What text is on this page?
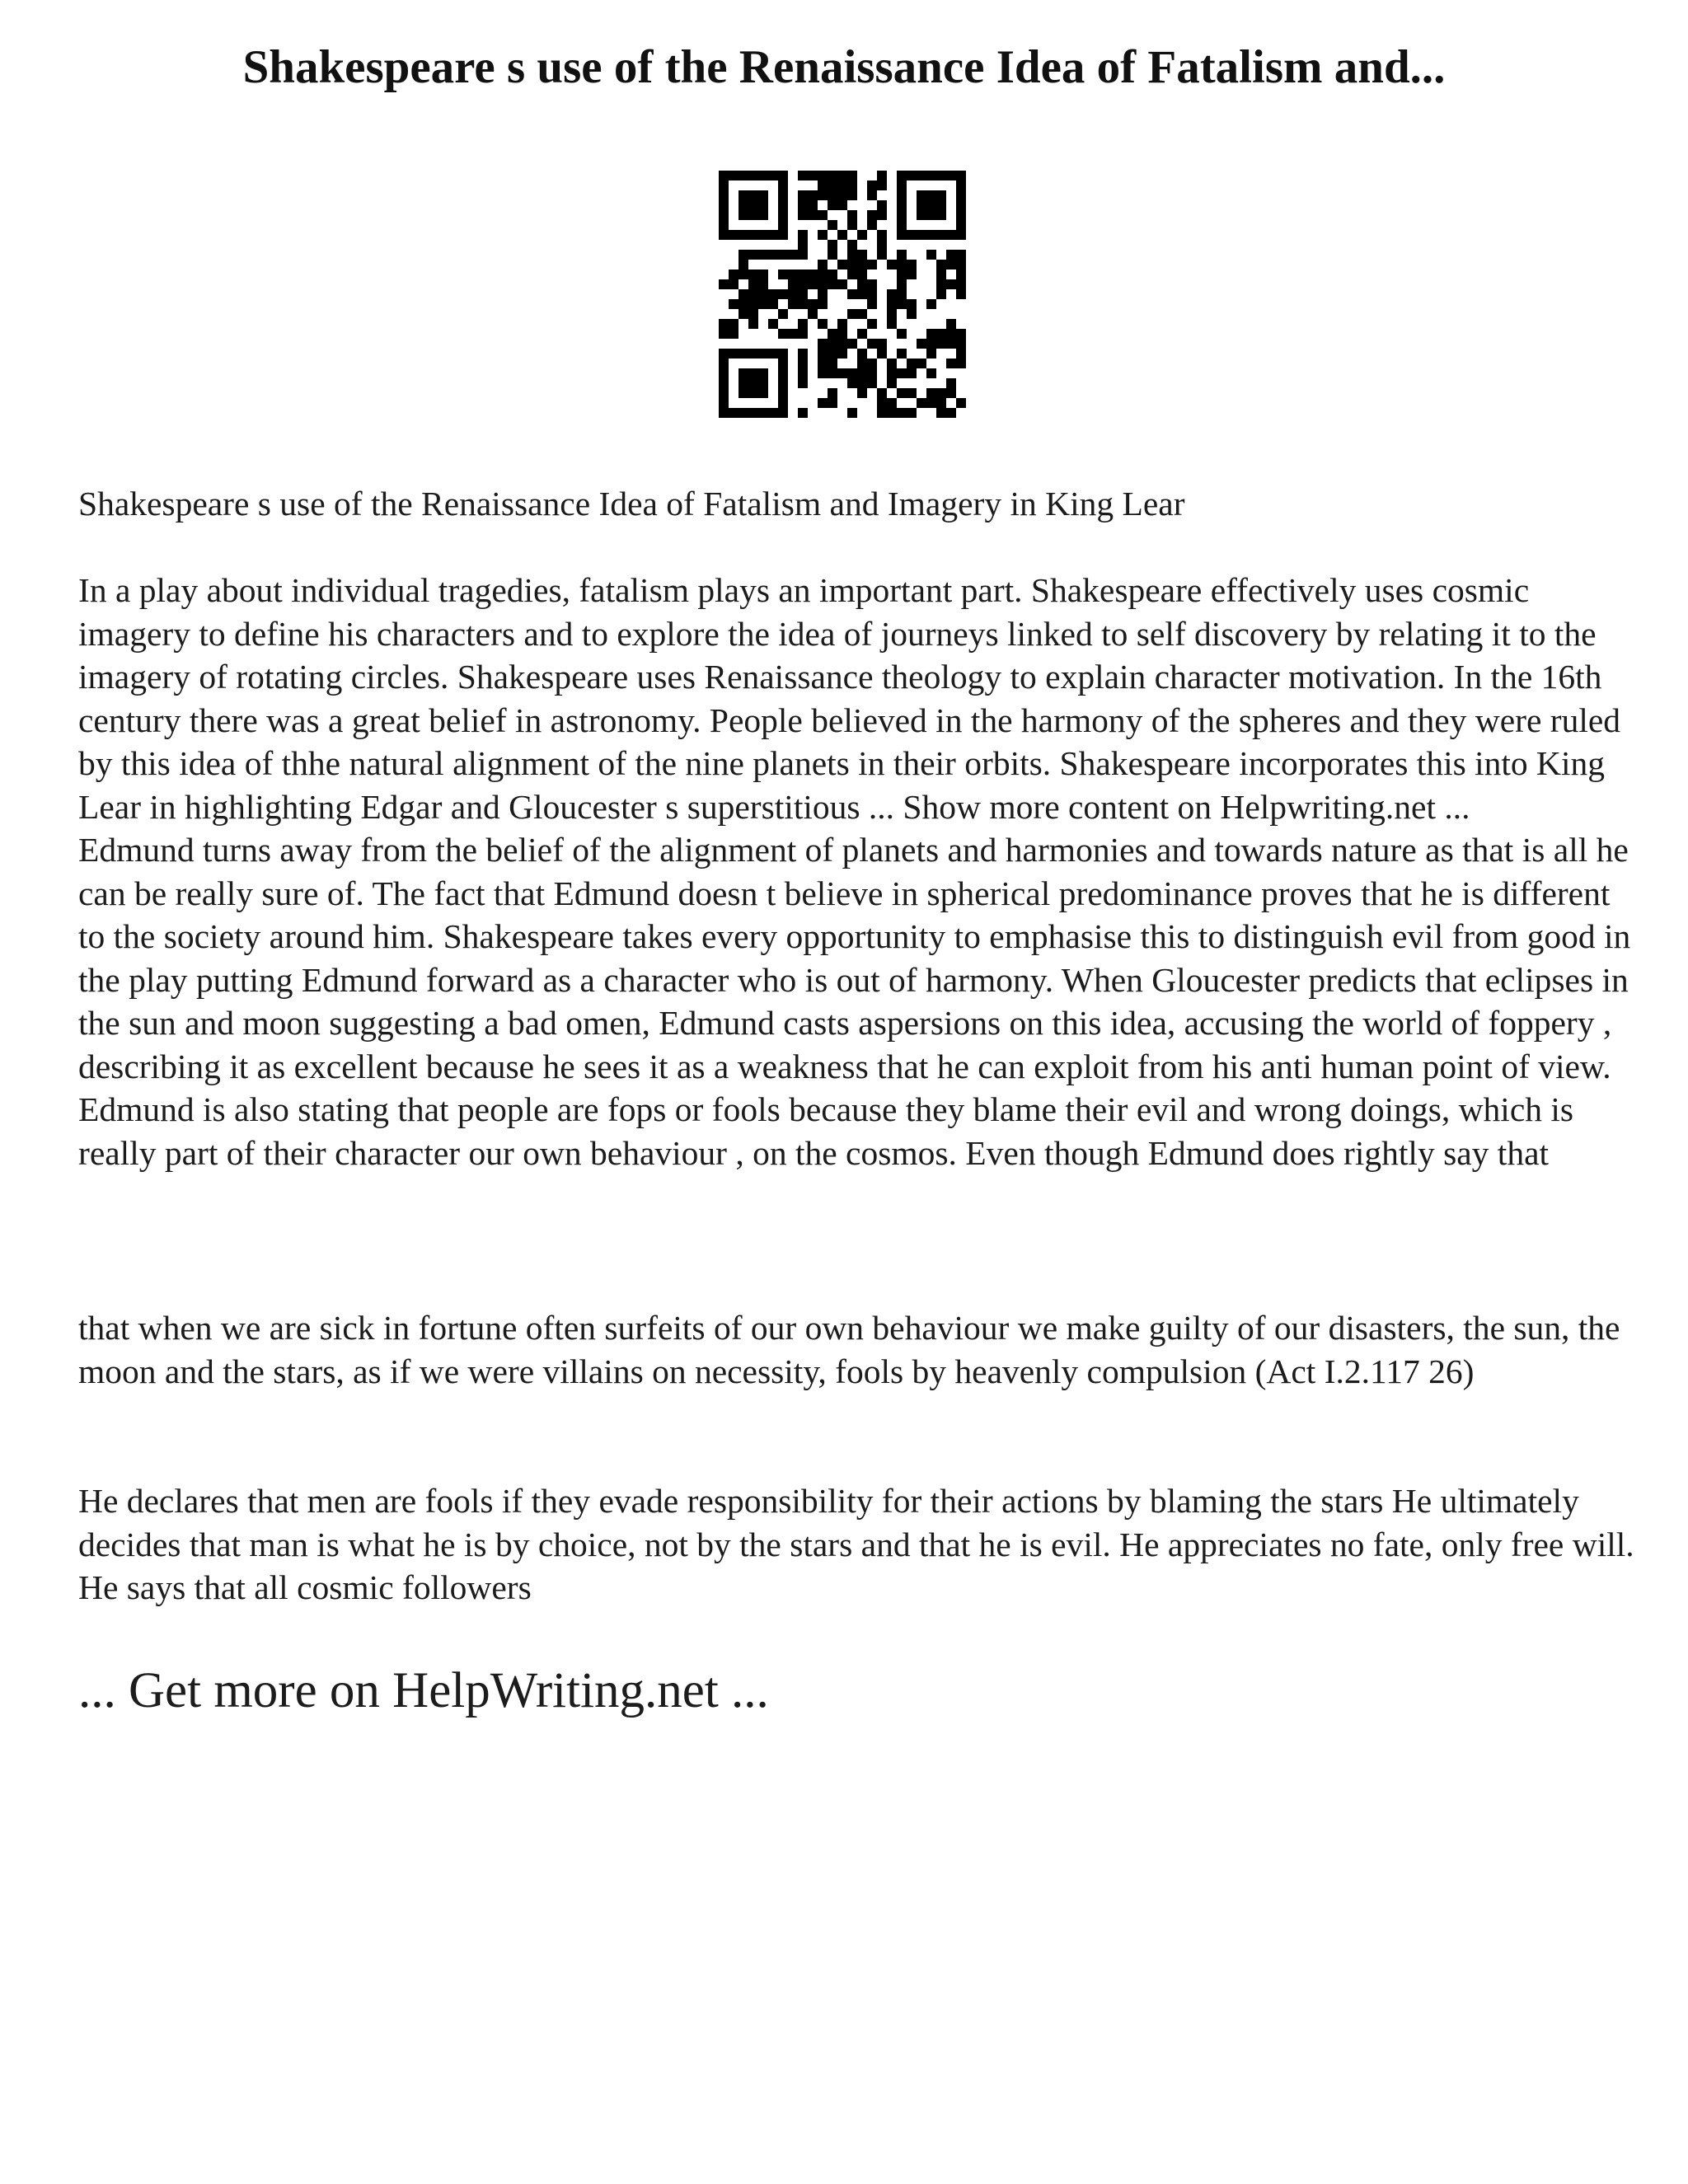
Shakespeare s use of the Renaissance Idea of Fatalism and...

Shakespeare s use of the Renaissance Idea of Fatalism and Imagery in King Lear

In a play about individual tragedies, fatalism plays an important part. Shakespeare effectively uses cosmic imagery to define his characters and to explore the idea of journeys linked to self discovery by relating it to the imagery of rotating circles. Shakespeare uses Renaissance theology to explain character motivation. In the 16th century there was a great belief in astronomy. People believed in the harmony of the spheres and they were ruled by this idea of thhe natural alignment of the nine planets in their orbits. Shakespeare incorporates this into King Lear in highlighting Edgar and Gloucester s superstitious ... Show more content on Helpwriting.net ...
Edmund turns away from the belief of the alignment of planets and harmonies and towards nature as that is all he can be really sure of. The fact that Edmund doesn t believe in spherical predominance proves that he is different to the society around him. Shakespeare takes every opportunity to emphasise this to distinguish evil from good in the play putting Edmund forward as a character who is out of harmony. When Gloucester predicts that eclipses in the sun and moon suggesting a bad omen, Edmund casts aspersions on this idea, accusing the world of foppery , describing it as excellent because he sees it as a weakness that he can exploit from his anti human point of view. Edmund is also stating that people are fops or fools because they blame their evil and wrong doings, which is really part of their character our own behaviour , on the cosmos. Even though Edmund does rightly say that

that when we are sick in fortune often surfeits of our own behaviour we make guilty of our disasters, the sun, the moon and the stars, as if we were villains on necessity, fools by heavenly compulsion (Act I.2.117 26)

He declares that men are fools if they evade responsibility for their actions by blaming the stars He ultimately decides that man is what he is by choice, not by the stars and that he is evil. He appreciates no fate, only free will. He says that all cosmic followers

... Get more on HelpWriting.net ...
